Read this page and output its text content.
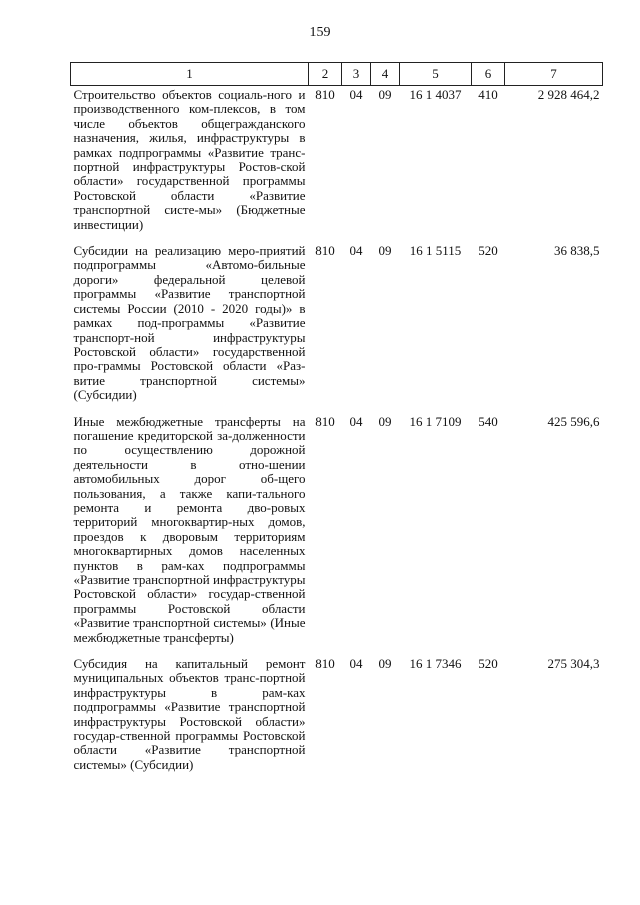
159
1	2	3	4	5	6	7
Строительство объектов социаль-ного и производственного ком-плексов, в том числе объектов общегражданского назначения, жилья, инфраструктуры в рамках подпрограммы «Развитие транс-портной инфраструктуры Ростов-ской области» государственной программы Ростовской области «Развитие транспортной систе-мы» (Бюджетные инвестиции)	810	04	09	16 1 4037	410	2 928 464,2
Субсидии на реализацию меро-приятий подпрограммы «Автомо-бильные дороги» федеральной целевой программы «Развитие транспортной системы России (2010 - 2020 годы)» в рамках под-программы «Развитие транспорт-ной инфраструктуры Ростовской области» государственной про-граммы Ростовской области «Раз-витие транспортной системы» (Субсидии)	810	04	09	16 1 5115	520	36 838,5
Иные межбюджетные трансферты на погашение кредиторской за-долженности по осуществлению дорожной деятельности в отно-шении автомобильных дорог об-щего пользования, а также капи-тального ремонта и ремонта дво-ровых территорий многоквартир-ных домов, проездов к дворовым территориям многоквартирных домов населенных пунктов в рам-ках подпрограммы «Развитие транспортной инфраструктуры Ростовской области» государ-ственной программы Ростовской области «Развитие транспортной системы» (Иные межбюджетные трансферты)	810	04	09	16 1 7109	540	425 596,6
Субсидия на капитальный ремонт муниципальных объектов транс-портной инфраструктуры в рам-ках подпрограммы «Развитие транспортной инфраструктуры Ростовской области» государ-ственной программы Ростовской области «Развитие транспортной системы» (Субсидии)	810	04	09	16 1 7346	520	275 304,3
